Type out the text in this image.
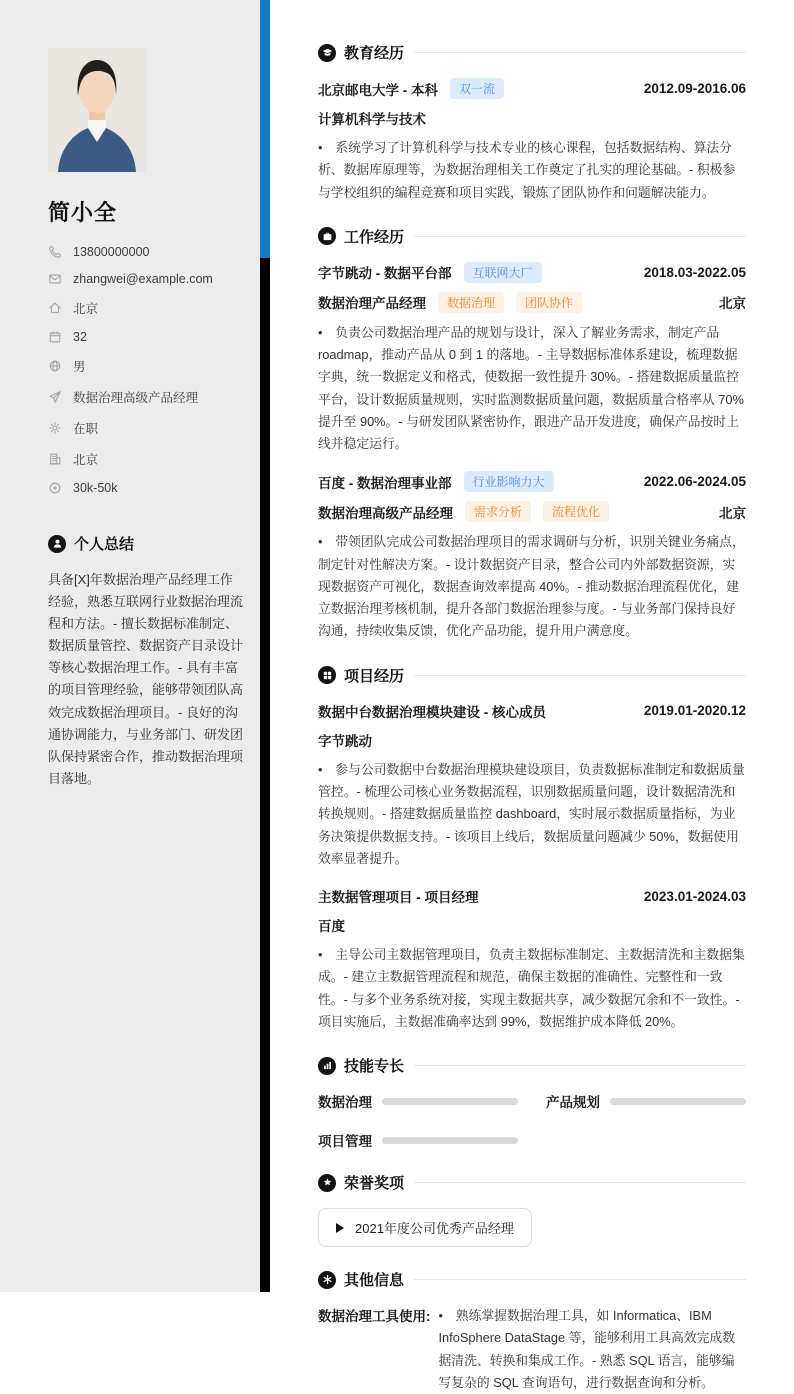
简小全
13800000000
zhangwei@example.com
北京
32
男
数据治理高级产品经理
在职
北京
30k-50k
个人总结

具备[X]年数据治理产品经理工作经验，熟悉互联网行业数据治理流程和方法。- 擅长数据标准制定、数据质量管控、数据资产目录设计等核心数据治理工作。- 具有丰富的项目管理经验，能够带领团队高效完成数据治理项目。- 良好的沟通协调能力，与业务部门、研发团队保持紧密合作，推动数据治理项目落地。

教育经历
北京邮电大学 - 本科	双一流	2012.09-2016.06
计算机科学与技术

•　系统学习了计算机科学与技术专业的核心课程，包括数据结构、算法分析、数据库原理等，为数据治理相关工作奠定了扎实的理论基础。- 积极参与学校组织的编程竞赛和项目实践，锻炼了团队协作和问题解决能力。

工作经历
字节跳动 - 数据平台部	互联网大厂	2018.03-2022.05
数据治理产品经理	数据治理	团队协作	北京

•　负责公司数据治理产品的规划与设计，深入了解业务需求，制定产品 roadmap，推动产品从 0 到 1 的落地。- 主导数据标准体系建设，梳理数据字典，统一数据定义和格式，使数据一致性提升 30%。- 搭建数据质量监控平台，设计数据质量规则，实时监测数据质量问题，数据质量合格率从 70%提升至 90%。- 与研发团队紧密协作，跟进产品开发进度，确保产品按时上线并稳定运行。

百度 - 数据治理事业部	行业影响力大	2022.06-2024.05
数据治理高级产品经理	需求分析	流程优化	北京

•　带领团队完成公司数据治理项目的需求调研与分析，识别关键业务痛点，制定针对性解决方案。- 设计数据资产目录，整合公司内外部数据资源，实现数据资产可视化，数据查询效率提高 40%。- 推动数据治理流程优化，建立数据治理考核机制，提升各部门数据治理参与度。- 与业务部门保持良好沟通，持续收集反馈，优化产品功能，提升用户满意度。

项目经历
数据中台数据治理模块建设 - 核心成员	2019.01-2020.12
字节跳动

•　参与公司数据中台数据治理模块建设项目，负责数据标准制定和数据质量管控。- 梳理公司核心业务数据流程，识别数据质量问题，设计数据清洗和转换规则。- 搭建数据质量监控 dashboard，实时展示数据质量指标，为业务决策提供数据支持。- 该项目上线后，数据质量问题减少 50%，数据使用效率显著提升。

主数据管理项目 - 项目经理	2023.01-2024.03
百度

•　主导公司主数据管理项目，负责主数据标准制定、主数据清洗和主数据集成。- 建立主数据管理流程和规范，确保主数据的准确性、完整性和一致性。- 与多个业务系统对接，实现主数据共享，减少数据冗余和不一致性。- 项目实施后，主数据准确率达到 99%，数据维护成本降低 20%。

技能专长
数据治理	产品规划
项目管理
荣誉奖项
2021年度公司优秀产品经理
其他信息
数据治理工具使用: •　熟练掌握数据治理工具，如 Informatica、IBM InfoSphere DataStage 等，能够利用工具高效完成数据清洗、转换和集成工作。- 熟悉 SQL 语言，能够编写复杂的 SQL 查询语句，进行数据查询和分析。
